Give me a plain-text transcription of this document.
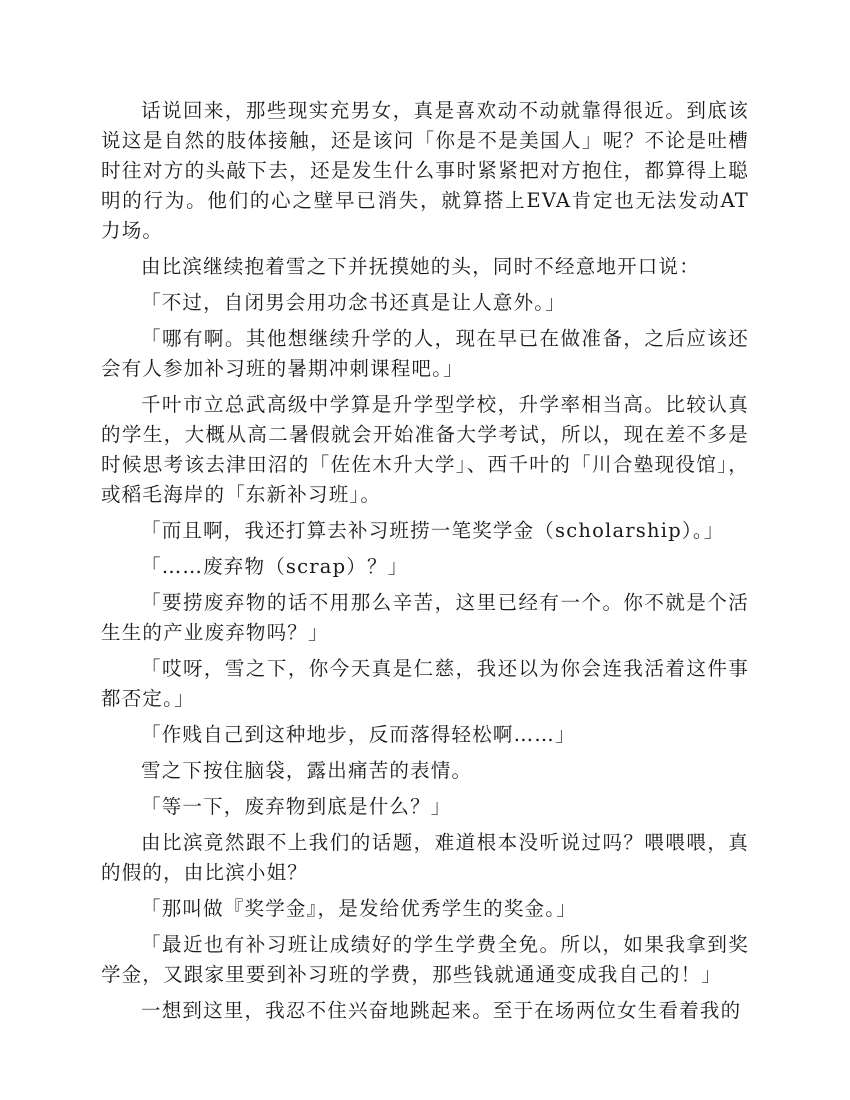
话说回来，那些现实充男女，真是喜欢动不动就靠得很近。到底该说这是自然的肢体接触，还是该问「你是不是美国人」呢？不论是吐槽时往对方的头敲下去，还是发生什么事时紧紧把对方抱住，都算得上聪明的行为。他们的心之壁早已消失，就算搭上EVA肯定也无法发动AT力场。

由比滨继续抱着雪之下并抚摸她的头，同时不经意地开口说：

「不过，自闭男会用功念书还真是让人意外。」

「哪有啊。其他想继续升学的人，现在早已在做准备，之后应该还会有人参加补习班的暑期冲刺课程吧。」

千叶市立总武高级中学算是升学型学校，升学率相当高。比较认真的学生，大概从高二暑假就会开始准备大学考试，所以，现在差不多是时候思考该去津田沼的「佐佐木升大学」、西千叶的「川合塾现役馆」，或稻毛海岸的「东新补习班」。

「而且啊，我还打算去补习班捞一笔奖学金（scholarship）。」

「……废弃物（scrap）？」

「要捞废弃物的话不用那么辛苦，这里已经有一个。你不就是个活生生的产业废弃物吗？」

「哎呀，雪之下，你今天真是仁慈，我还以为你会连我活着这件事都否定。」

「作贱自己到这种地步，反而落得轻松啊……」

雪之下按住脑袋，露出痛苦的表情。

「等一下，废弃物到底是什么？」

由比滨竟然跟不上我们的话题，难道根本没听说过吗？喂喂喂，真的假的，由比滨小姐？

「那叫做『奖学金』，是发给优秀学生的奖金。」

「最近也有补习班让成绩好的学生学费全免。所以，如果我拿到奖学金，又跟家里要到补习班的学费，那些钱就通通变成我自己的！」

一想到这里，我忍不住兴奋地跳起来。至于在场两位女生看着我的
